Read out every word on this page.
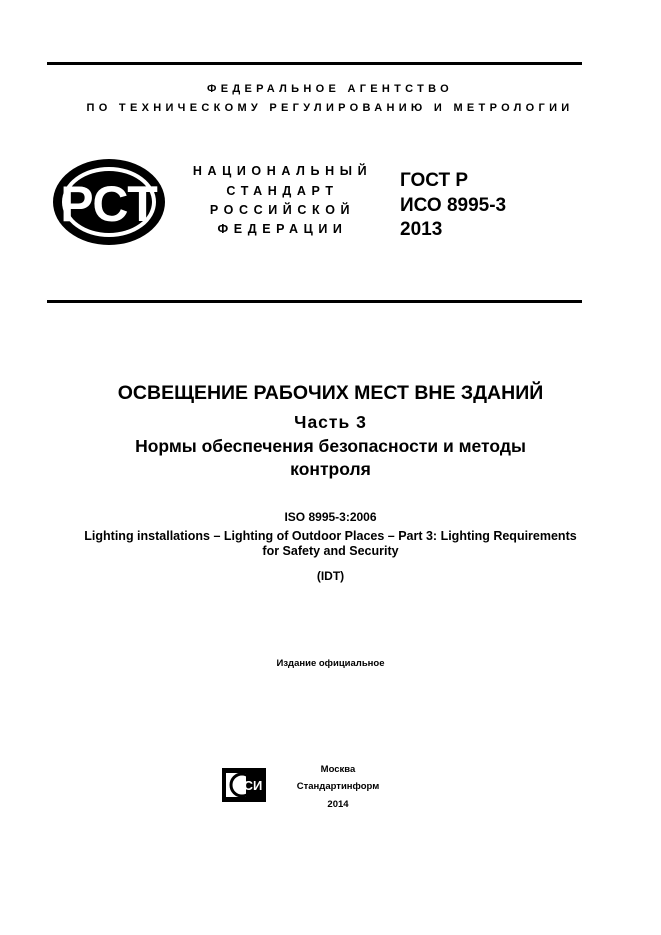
ФЕДЕРАЛЬНОЕ АГЕНТСТВО
ПО ТЕХНИЧЕСКОМУ РЕГУЛИРОВАНИЮ И МЕТРОЛОГИИ
РСТ
НАЦИОНАЛЬНЫЙ
СТАНДАРТ
РОССИЙСКОЙ
ФЕДЕРАЦИИ
ГОСТ Р
ИСО 8995-3
2013
ОСВЕЩЕНИЕ РАБОЧИХ МЕСТ ВНЕ ЗДАНИЙ
Часть 3
Нормы обеспечения безопасности и методы
контроля
ISO 8995-3:2006
Lighting installations – Lighting of Outdoor Places – Part 3: Lighting Requirements
for Safety and Security
(IDT)
Издание официальное
СИ
Москва
Стандартинформ
2014
